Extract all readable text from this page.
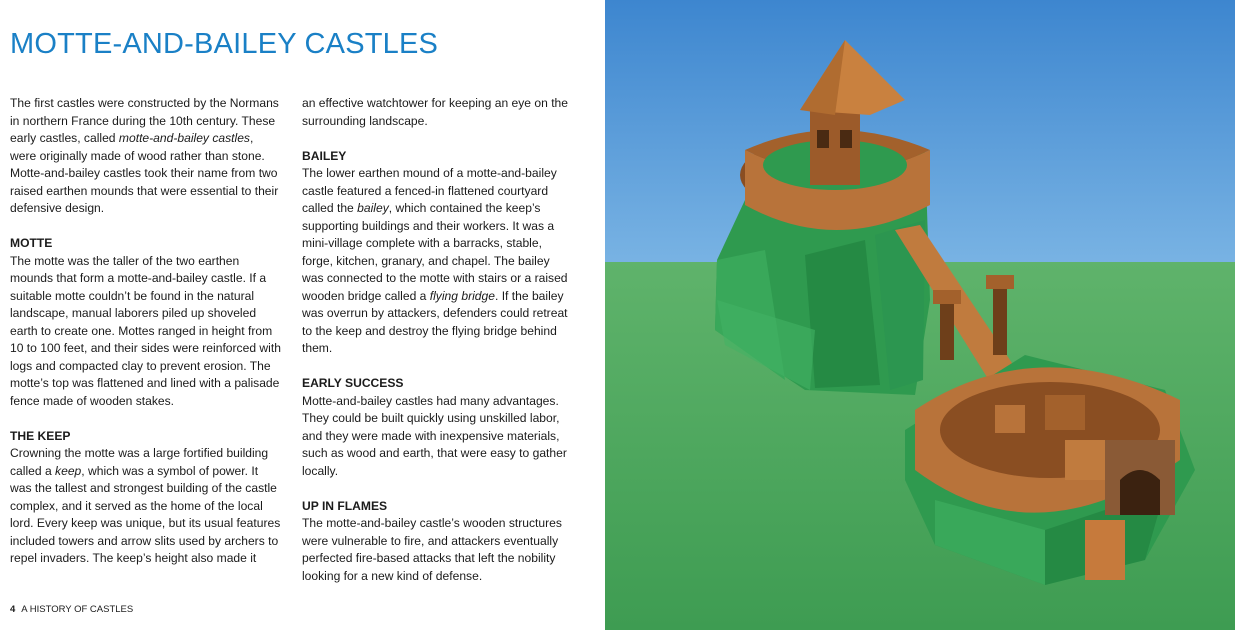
MOTTE-AND-BAILEY CASTLES

The first castles were constructed by the Normans in northern France during the 10th century. These early castles, called motte-and-bailey castles, were originally made of wood rather than stone. Motte-and-bailey castles took their name from two raised earthen mounds that were essential to their defensive design.

MOTTE

The motte was the taller of the two earthen mounds that form a motte-and-bailey castle. If a suitable motte couldn’t be found in the natural landscape, manual laborers piled up shoveled earth to create one. Mottes ranged in height from 10 to 100 feet, and their sides were reinforced with logs and compacted clay to prevent erosion. The motte’s top was flattened and lined with a palisade fence made of wooden stakes.

THE KEEP

Crowning the motte was a large fortified building called a keep, which was a symbol of power. It was the tallest and strongest building of the castle complex, and it served as the home of the local lord. Every keep was unique, but its usual features included towers and arrow slits used by archers to repel invaders. The keep’s height also made it

an effective watchtower for keeping an eye on the surrounding landscape.

BAILEY

The lower earthen mound of a motte-and-bailey castle featured a fenced-in flattened courtyard called the bailey, which contained the keep’s supporting buildings and their workers. It was a mini-village complete with a barracks, stable, forge, kitchen, granary, and chapel. The bailey was connected to the motte with stairs or a raised wooden bridge called a flying bridge. If the bailey was overrun by attackers, defenders could retreat to the keep and destroy the flying bridge behind them.

EARLY SUCCESS

Motte-and-bailey castles had many advantages. They could be built quickly using unskilled labor, and they were made with inexpensive materials, such as wood and earth, that were easy to gather locally.

UP IN FLAMES

The motte-and-bailey castle’s wooden structures were vulnerable to fire, and attackers eventually perfected fire-based attacks that left the nobility looking for a new kind of defense.

4 A HISTORY OF CASTLES
